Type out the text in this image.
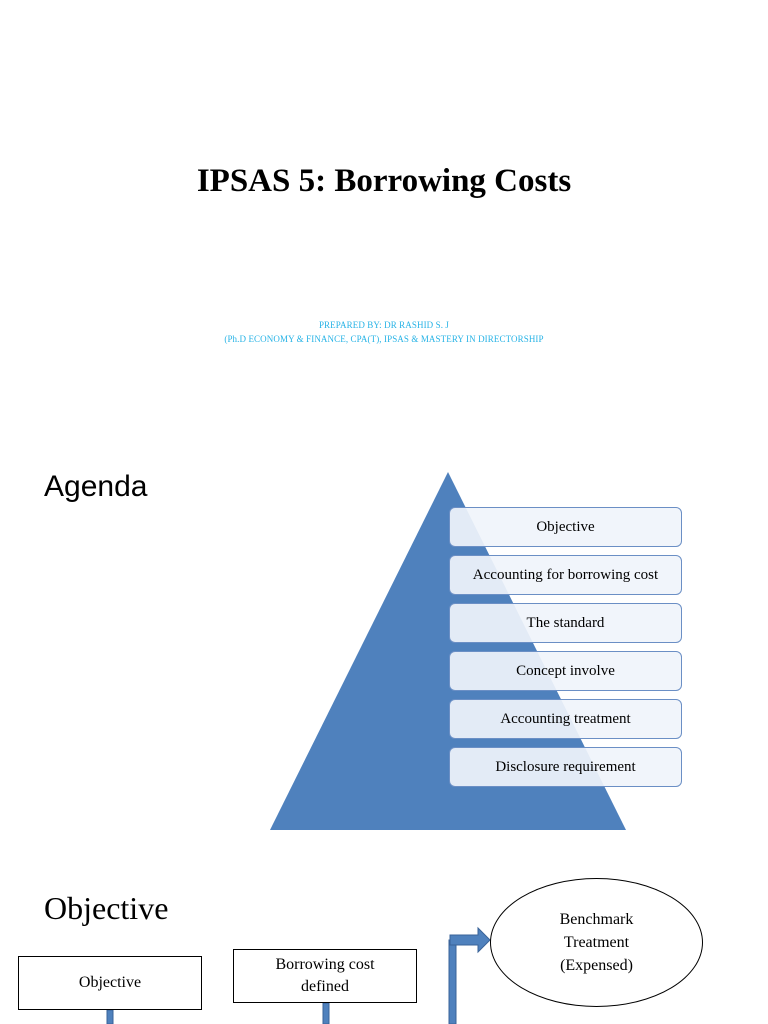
IPSAS 5: Borrowing Costs
PREPARED BY: DR RASHID S. J
(Ph.D ECONOMY & FINANCE, CPA(T), IPSAS & MASTERY IN DIRECTORSHIP
Agenda
Objective
Accounting for borrowing cost
The standard
Concept involve
Accounting treatment
Disclosure requirement
Objective
Objective
Borrowing cost
defined
Benchmark
Treatment
(Expensed)
